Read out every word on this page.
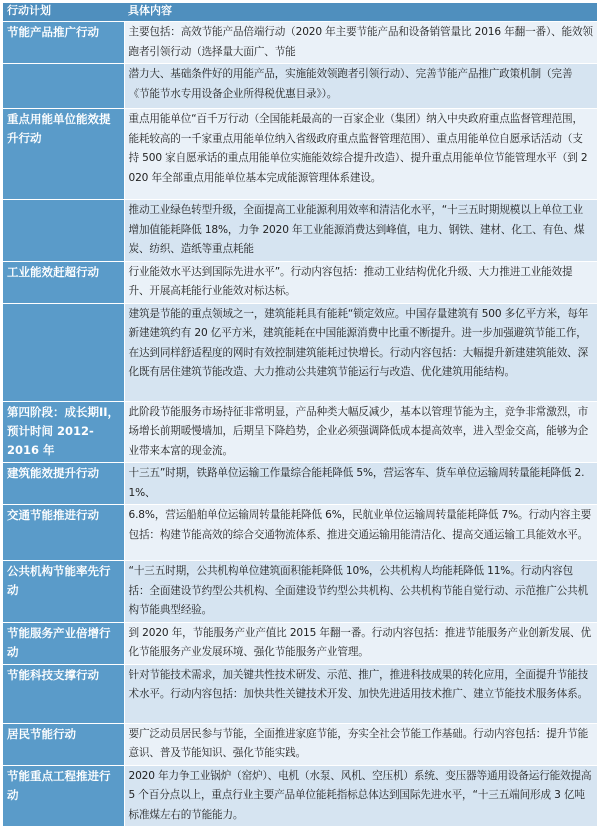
行动计划	具体内容
节能产品推广行动	主要包括：高效节能产品倍端行动（2020 年主要节能产品和设备销管量比 2016 年翻一番）、能效领跑者引领行动（选择量大面广、节能
	潜力大、基础条件好的用能产品，实施能效领跑者引领行动）、完善节能产品推广政策机制（完善《节能节水专用设备企业所得税优惠目录》）。
重点用能单位能效提升行动	重点用能单位“百千万行动（全国能耗最高的一百家企业（集团）纳入中央政府重点监督管理范围，能耗较高的一千家重点用能单位纳入省级政府重点监督管理范围）、重点用能单位自愿承话活动（支持 500 家自愿承话的重点用能单位实施能效综合提升改造）、提升重点用能单位节能管理水平（到 2020 年全部重点用能单位基本完成能源管理体系建设。
	推动工业绿色转型升级，全面提高工业能源利用效率和清洁化水平，“十三五时期规模以上单位工业增加值能耗降低 18%，力争 2020 年工业能源消费达到峰值，电力、钢铁、建材、化工、有色、煤炭、纺织、造纸等重点耗能
工业能效赶超行动	行业能效水平达到国际先进水平”。行动内容包括：推动工业结构优化升级、大力推进工业能效提升、开展高耗能行业能效对标达标。
	建筑是节能的重点领域之一，建筑能耗具有能耗“锁定效应。中国存量建筑有 500 多亿平方米，每年新建建筑约有 20 亿平方米，建筑能耗在中国能源消费中比重不断提升。进一步加强避筑节能工作，在达到同样舒适程度的网时有效控制建筑能耗过快增长。行动内容包括：大幅提升新建建筑能效、深化既有居住建筑节能改造、大力推动公共建筑节能运行与改造、优化建筑用能结构。
第四阶段：成长期II，预计时间 2012-2016 年	此阶段节能服务市场持征非常明显，产品种类大幅反减少，基本以管理节能为主，竞争非常激烈，市场增长前期暖慢墙加，后期呈下降趋势，企业必须强调降低成本提高效率，进入型金交高，能够为企业带来本富的现金流。
建筑能效提升行动	十三五”时期，铁路单位运输工作量综合能耗降低 5%，营运客车、货车单位运输周转量能耗降低 2.1%、
交通节能推进行动	6.8%，营运船舶单位运输周转量能耗降低 6%，民航业单位运输周转量能耗降低 7%。行动内容主要包括：构建节能高效的综合交通物流体系、推进交通运输用能清洁化、提高交通运输工具能效水平。
公共机构节能率先行动	“十三五时期，公共机构单位建筑面积能耗降低 10%，公共机构人均能耗降低 11%。行动内容包括：全面建设节约型公共机构、全面建设节约型公共机构、公共机构节能自觉行动、示范推广公共机构节能典型经验。
节能服务产业倍增行动	到 2020 年，节能服务产业产值比 2015 年翻一番。行动内容包括：推进节能服务产业创新发展、优化节能服务产业发展环境、强化节能服务产业管理。
节能科技支撑行动	针对节能技术需求，加关键共性技术研发、示范、推广，推进科技成果的转化应用，全面提升节能技术水平。行动内容包括：加快共性关键技术开发、加快先进适用技术推广、建立节能技术服务体系。
居民节能行动	要广泛动员居民参与节能，全面推进家庭节能，夯实全社会节能工作基础。行动内容包括：提升节能意识、普及节能知识、强化节能实践。
节能重点工程推进行动	2020 年力争工业锅炉（窑炉）、电机（水泵、风机、空压机）系统、变压器等通用设备运行能效提高 5 个百分点以上，重点行业主要产品单位能耗指标总体达到国际先进水平，“十三五端间形成 3 亿吨标准煤左右的节能能力。
